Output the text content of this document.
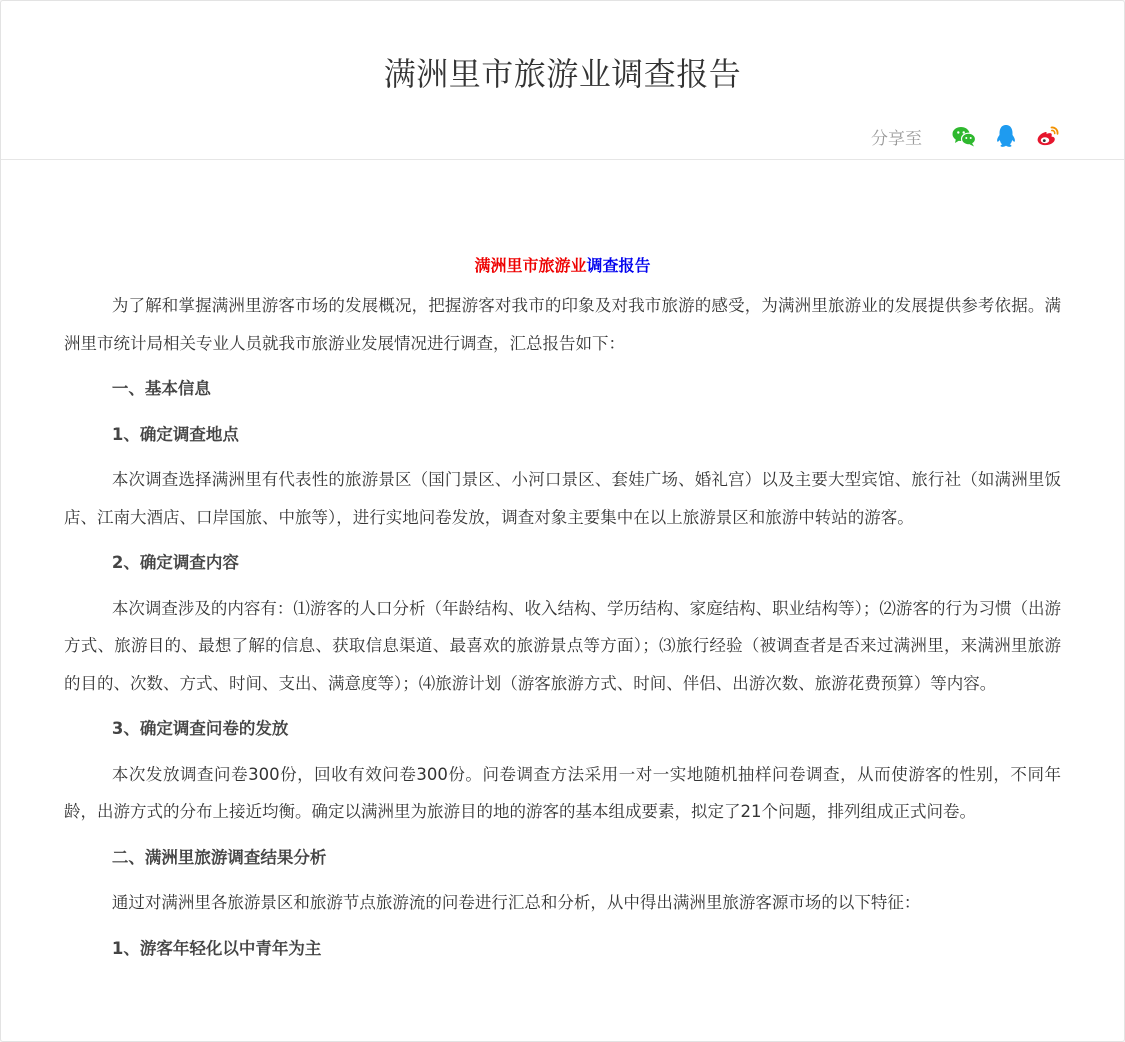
满洲里市旅游业调查报告
分享至
满洲里市旅游业调查报告

为了解和掌握满洲里游客市场的发展概况，把握游客对我市的印象及对我市旅游的感受，为满洲里旅游业的发展提供参考依据。满洲里市统计局相关专业人员就我市旅游业发展情况进行调查，汇总报告如下：

一、基本信息

1、确定调查地点

本次调查选择满洲里有代表性的旅游景区（国门景区、小河口景区、套娃广场、婚礼宫）以及主要大型宾馆、旅行社（如满洲里饭店、江南大酒店、口岸国旅、中旅等），进行实地问卷发放，调查对象主要集中在以上旅游景区和旅游中转站的游客。

2、确定调查内容

本次调查涉及的内容有：⑴游客的人口分析（年龄结构、收入结构、学历结构、家庭结构、职业结构等）；⑵游客的行为习惯（出游方式、旅游目的、最想了解的信息、获取信息渠道、最喜欢的旅游景点等方面）；⑶旅行经验（被调查者是否来过满洲里，来满洲里旅游的目的、次数、方式、时间、支出、满意度等）；⑷旅游计划（游客旅游方式、时间、伴侣、出游次数、旅游花费预算）等内容。

3、确定调查问卷的发放

本次发放调查问卷300份，回收有效问卷300份。问卷调查方法采用一对一实地随机抽样问卷调查，从而使游客的性别，不同年龄，出游方式的分布上接近均衡。确定以满洲里为旅游目的地的游客的基本组成要素，拟定了21个问题，排列组成正式问卷。

二、满洲里旅游调查结果分析

通过对满洲里各旅游景区和旅游节点旅游流的问卷进行汇总和分析，从中得出满洲里旅游客源市场的以下特征：

1、游客年轻化以中青年为主
